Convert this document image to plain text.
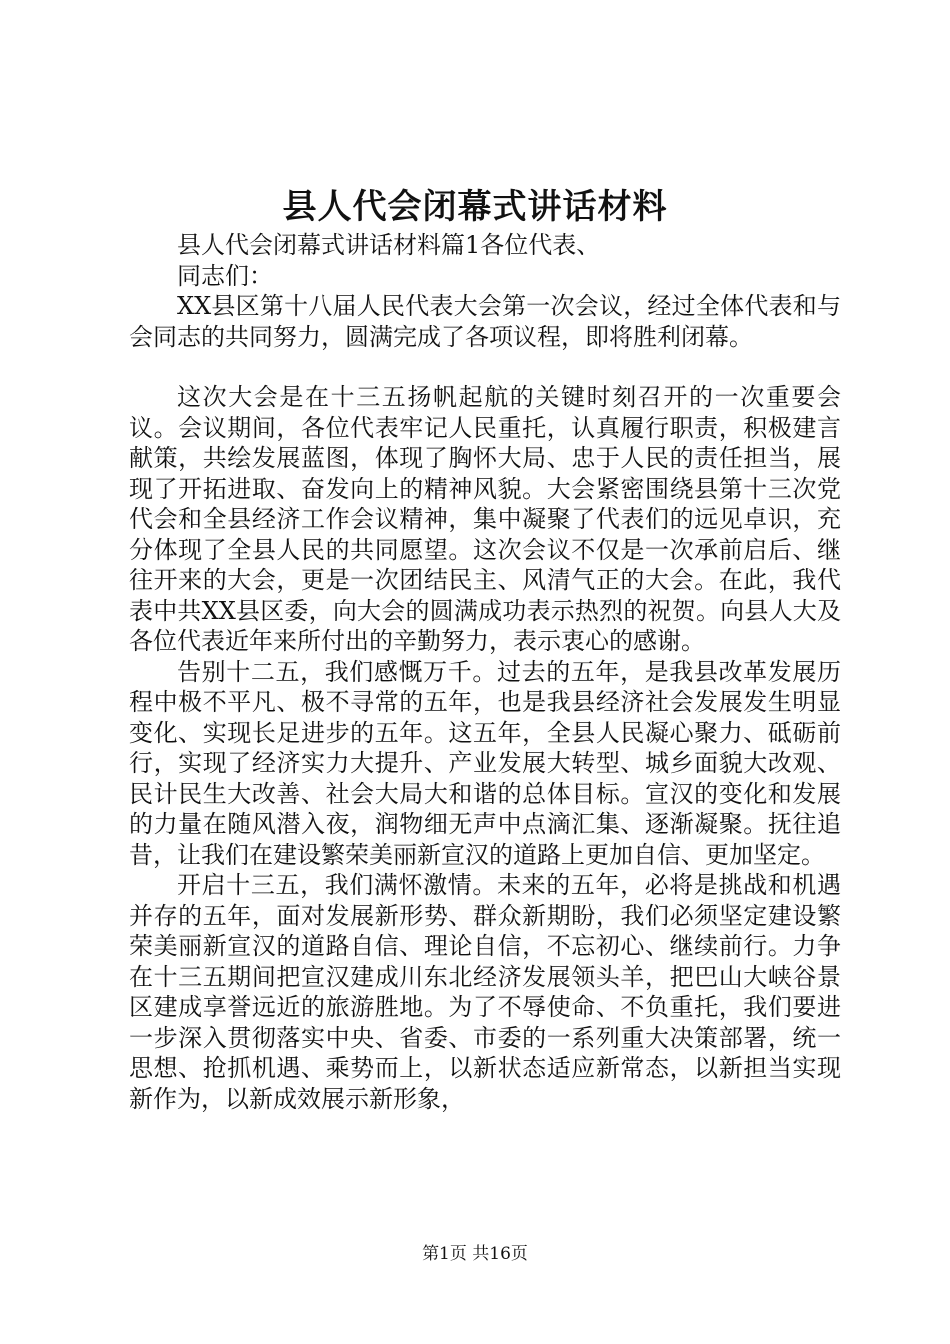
县人代会闭幕式讲话材料

县人代会闭幕式讲话材料篇1各位代表、

同志们：

XX县区第十八届人民代表大会第一次会议，经过全体代表和与会同志的共同努力，圆满完成了各项议程，即将胜利闭幕。

这次大会是在十三五扬帆起航的关键时刻召开的一次重要会议。会议期间，各位代表牢记人民重托，认真履行职责，积极建言献策，共绘发展蓝图，体现了胸怀大局、忠于人民的责任担当，展现了开拓进取、奋发向上的精神风貌。大会紧密围绕县第十三次党代会和全县经济工作会议精神，集中凝聚了代表们的远见卓识，充分体现了全县人民的共同愿望。这次会议不仅是一次承前启后、继往开来的大会，更是一次团结民主、风清气正的大会。在此，我代表中共XX县区委，向大会的圆满成功表示热烈的祝贺。向县人大及各位代表近年来所付出的辛勤努力，表示衷心的感谢。

告别十二五，我们感慨万千。过去的五年，是我县改革发展历程中极不平凡、极不寻常的五年，也是我县经济社会发展发生明显变化、实现长足进步的五年。这五年，全县人民凝心聚力、砥砺前行，实现了经济实力大提升、产业发展大转型、城乡面貌大改观、民计民生大改善、社会大局大和谐的总体目标。宣汉的变化和发展的力量在随风潜入夜，润物细无声中点滴汇集、逐渐凝聚。抚往追昔，让我们在建设繁荣美丽新宣汉的道路上更加自信、更加坚定。

开启十三五，我们满怀激情。未来的五年，必将是挑战和机遇并存的五年，面对发展新形势、群众新期盼，我们必须坚定建设繁荣美丽新宣汉的道路自信、理论自信，不忘初心、继续前行。力争在十三五期间把宣汉建成川东北经济发展领头羊，把巴山大峡谷景区建成享誉远近的旅游胜地。为了不辱使命、不负重托，我们要进一步深入贯彻落实中央、省委、市委的一系列重大决策部署，统一思想、抢抓机遇、乘势而上，以新状态适应新常态，以新担当实现新作为，以新成效展示新形象，

第1页 共16页
